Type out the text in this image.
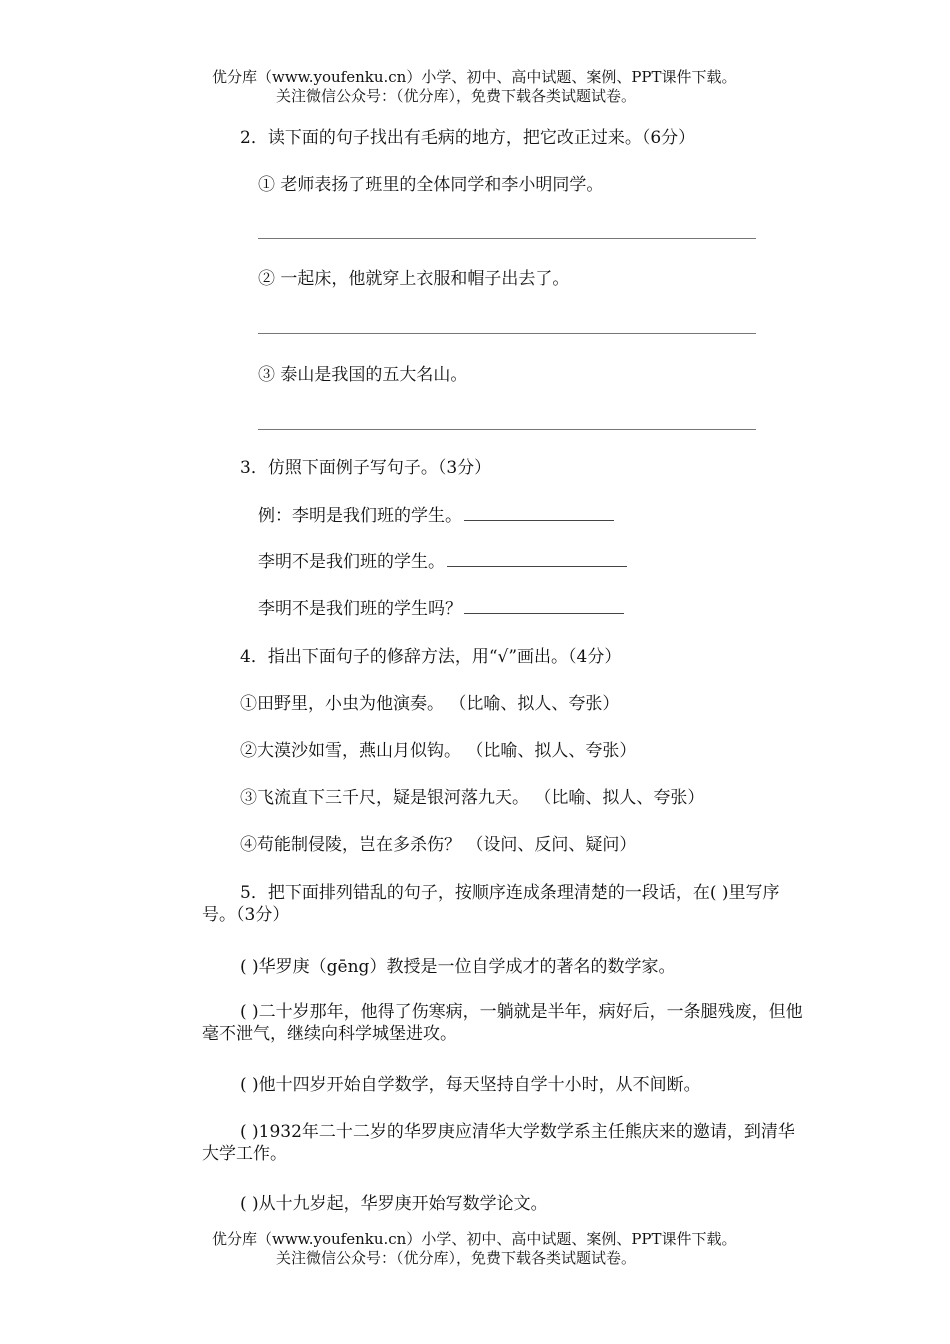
优分库（www.youfenku.cn）小学、初中、高中试题、案例、PPT课件下载。
关注微信公众号：（优分库），免费下载各类试题试卷。
2．读下面的句子找出有毛病的地方，把它改正过来。（6分）
① 老师表扬了班里的全体同学和李小明同学。
② 一起床，他就穿上衣服和帽子出去了。
③ 泰山是我国的五大名山。
3．仿照下面例子写句子。（3分）
例：李明是我们班的学生。
李明不是我们班的学生。
李明不是我们班的学生吗？
4．指出下面句子的修辞方法，用“√”画出。（4分）
①田野里，小虫为他演奏。 （比喻、拟人、夸张）
②大漠沙如雪，燕山月似钩。 （比喻、拟人、夸张）
③飞流直下三千尺，疑是银河落九天。 （比喻、拟人、夸张）
④苟能制侵陵，岂在多杀伤？ （设问、反问、疑问）
5．把下面排列错乱的句子，按顺序连成条理清楚的一段话，在( )里写序号。（3分）
( )华罗庚（gēng）教授是一位自学成才的著名的数学家。
( )二十岁那年，他得了伤寒病，一躺就是半年，病好后，一条腿残废，但他毫不泄气，继续向科学城堡进攻。
( )他十四岁开始自学数学，每天坚持自学十小时，从不间断。
( )1932年二十二岁的华罗庚应清华大学数学系主任熊庆来的邀请，到清华大学工作。
( )从十九岁起，华罗庚开始写数学论文。
优分库（www.youfenku.cn）小学、初中、高中试题、案例、PPT课件下载。
关注微信公众号：（优分库），免费下载各类试题试卷。
